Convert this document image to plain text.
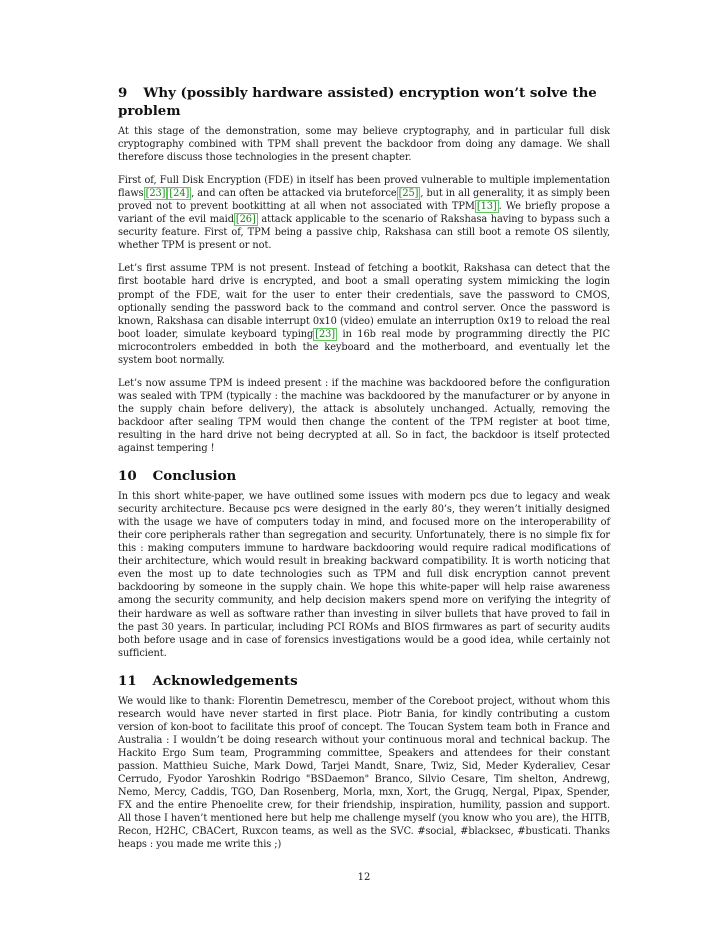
9 Why (possibly hardware assisted) encryption won’t solve the problem

At this stage of the demonstration, some may believe cryptography, and in particular full disk cryptography combined with TPM shall prevent the backdoor from doing any damage. We shall therefore discuss those technologies in the present chapter.

First of, Full Disk Encryption (FDE) in itself has been proved vulnerable to multiple implementation flaws [23] [24] , and can often be attacked via bruteforce [25] , but in all generality, it as simply been proved not to prevent bootkitting at all when not associated with TPM [13] . We briefly propose a variant of the evil maid [26] attack applicable to the scenario of Rakshasa having to bypass such a security feature. First of, TPM being a passive chip, Rakshasa can still boot a remote OS silently, whether TPM is present or not.

Let’s first assume TPM is not present. Instead of fetching a bootkit, Rakshasa can detect that the first bootable hard drive is encrypted, and boot a small operating system mimicking the login prompt of the FDE, wait for the user to enter their credentials, save the password to CMOS, optionally sending the password back to the command and control server. Once the password is known, Rakshasa can disable interrupt 0x10 (video) emulate an interruption 0x19 to reload the real boot loader, simulate keyboard typing [23] in 16b real mode by programming directly the PIC microcontrolers embedded in both the keyboard and the motherboard, and eventually let the system boot normally.

Let’s now assume TPM is indeed present : if the machine was backdoored before the configuration was sealed with TPM (typically : the machine was backdoored by the manufacturer or by anyone in the supply chain before delivery), the attack is absolutely unchanged. Actually, removing the backdoor after sealing TPM would then change the content of the TPM register at boot time, resulting in the hard drive not being decrypted at all. So in fact, the backdoor is itself protected against tempering !

10 Conclusion

In this short white-paper, we have outlined some issues with modern pcs due to legacy and weak security architecture. Because pcs were designed in the early 80’s, they weren’t initially designed with the usage we have of computers today in mind, and focused more on the interoperability of their core peripherals rather than segregation and security. Unfortunately, there is no simple fix for this : making computers immune to hardware backdooring would require radical modifications of their architecture, which would result in breaking backward compatibility. It is worth noticing that even the most up to date technologies such as TPM and full disk encryption cannot prevent backdooring by someone in the supply chain. We hope this white-paper will help raise awareness among the security community, and help decision makers spend more on verifying the integrity of their hardware as well as software rather than investing in silver bullets that have proved to fail in the past 30 years. In particular, including PCI ROMs and BIOS firmwares as part of security audits both before usage and in case of forensics investigations would be a good idea, while certainly not sufficient.

11 Acknowledgements

We would like to thank: Florentin Demetrescu, member of the Coreboot project, without whom this research would have never started in first place. Piotr Bania, for kindly contributing a custom version of kon-boot to facilitate this proof of concept. The Toucan System team both in France and Australia : I wouldn’t be doing research without your continuous moral and technical backup. The Hackito Ergo Sum team, Programming committee, Speakers and attendees for their constant passion. Matthieu Suiche, Mark Dowd, Tarjei Mandt, Snare, Twiz, Sid, Meder Kyderaliev, Cesar Cerrudo, Fyodor Yaroshkin Rodrigo "BSDaemon" Branco, Silvio Cesare, Tim shelton, Andrewg, Nemo, Mercy, Caddis, TGO, Dan Rosenberg, Morla, mxn, Xort, the Grugq, Nergal, Pipax, Spender, FX and the entire Phenoelite crew, for their friendship, inspiration, humility, passion and support. All those I haven’t mentioned here but help me challenge myself (you know who you are), the HITB, Recon, H2HC, CBACert, Ruxcon teams, as well as the SVC. #social, #blacksec, #busticati. Thanks heaps : you made me write this ;)

12
